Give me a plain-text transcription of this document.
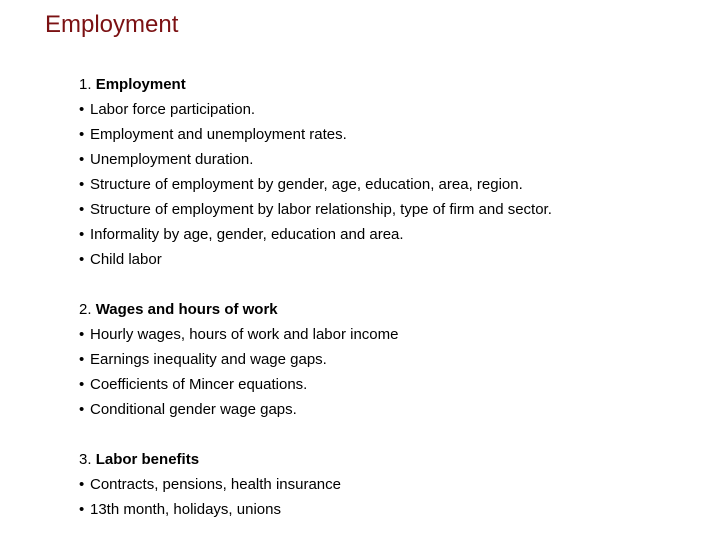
Employment
1. Employment
• Labor force participation.
• Employment and unemployment rates.
• Unemployment duration.
• Structure of employment by gender, age, education, area, region.
• Structure of employment by labor relationship, type of firm and sector.
• Informality by age, gender, education and area.
• Child labor
2. Wages and hours of work
• Hourly wages, hours of work and labor income
• Earnings inequality and wage gaps.
• Coefficients of Mincer equations.
• Conditional gender wage gaps.
3. Labor benefits
• Contracts, pensions, health insurance
• 13th month, holidays, unions
